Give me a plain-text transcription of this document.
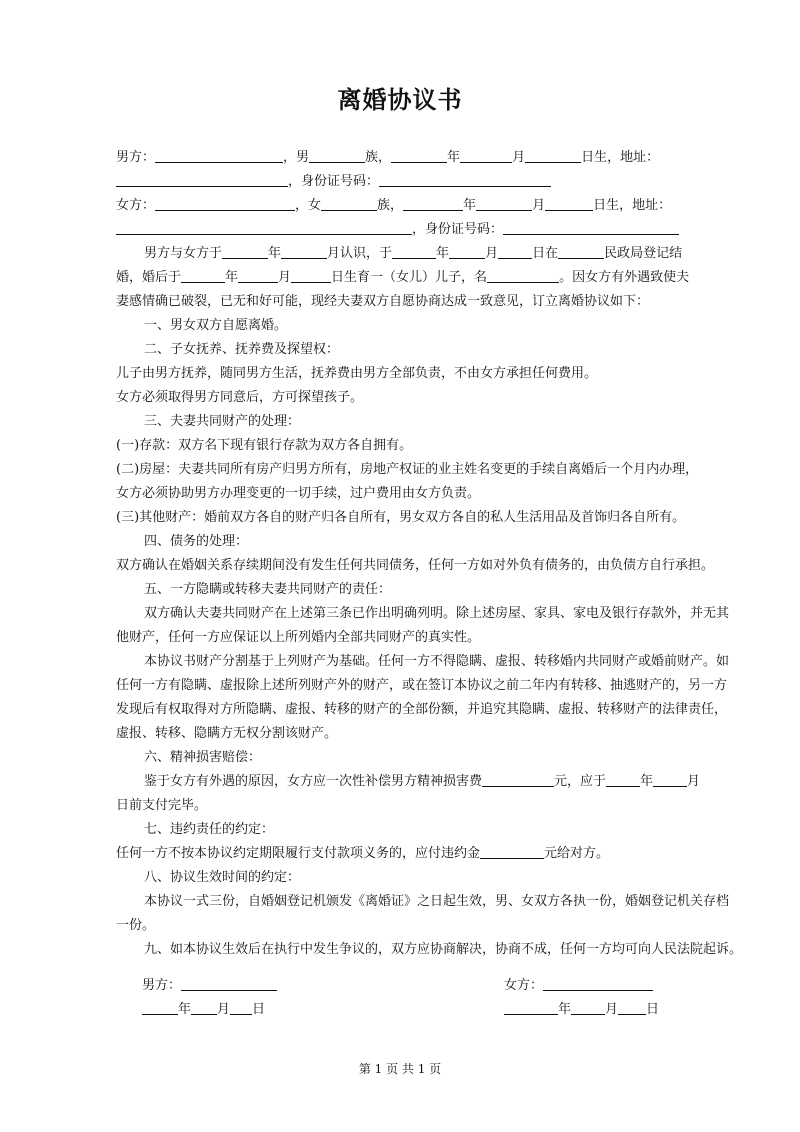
离婚协议书
男方：	，男	族，	年	月	日生，地址：
，身份证号码：
女方：	，女	族，	年	月	日生，地址：
，身份证号码：
男方与女方于	年	月认识，于	年	月	日在	民政局登记结
婚，婚后于	年	月	日生育一（女儿）儿子，名	。因女方有外遇致使夫
妻感情确已破裂，已无和好可能，现经夫妻双方自愿协商达成一致意见，订立离婚协议如下：
一、男女双方自愿离婚。
二、子女抚养、抚养费及探望权：
儿子由男方抚养，随同男方生活，抚养费由男方全部负责，不由女方承担任何费用。
女方必须取得男方同意后，方可探望孩子。
三、夫妻共同财产的处理：
(一)存款：双方名下现有银行存款为双方各自拥有。
(二)房屋：夫妻共同所有房产归男方所有，房地产权证的业主姓名变更的手续自离婚后一个月内办理，
女方必须协助男方办理变更的一切手续，过户费用由女方负责。
(三)其他财产：婚前双方各自的财产归各自所有，男女双方各自的私人生活用品及首饰归各自所有。
四、债务的处理：
双方确认在婚姻关系存续期间没有发生任何共同债务，任何一方如对外负有债务的，由负债方自行承担。
五、一方隐瞒或转移夫妻共同财产的责任：
双方确认夫妻共同财产在上述第三条已作出明确列明。除上述房屋、家具、家电及银行存款外，并无其
他财产，任何一方应保证以上所列婚内全部共同财产的真实性。
本协议书财产分割基于上列财产为基础。任何一方不得隐瞒、虚报、转移婚内共同财产或婚前财产。如
任何一方有隐瞒、虚报除上述所列财产外的财产，或在签订本协议之前二年内有转移、抽逃财产的，另一方
发现后有权取得对方所隐瞒、虚报、转移的财产的全部份额，并追究其隐瞒、虚报、转移财产的法律责任，
虚报、转移、隐瞒方无权分割该财产。
六、精神损害赔偿：
鉴于女方有外遇的原因，女方应一次性补偿男方精神损害费	元，应于	年	月
日前支付完毕。
七、违约责任的约定：
任何一方不按本协议约定期限履行支付款项义务的，应付违约金	元给对方。
八、协议生效时间的约定：
本协议一式三份，自婚姻登记机颁发《离婚证》之日起生效，男、女双方各执一份，婚姻登记机关存档
一份。
九、如本协议生效后在执行中发生争议的，双方应协商解决，协商不成，任何一方均可向人民法院起诉。
男方：	女方：
年 月 日	年	月 日
第 1 页 共 1 页
